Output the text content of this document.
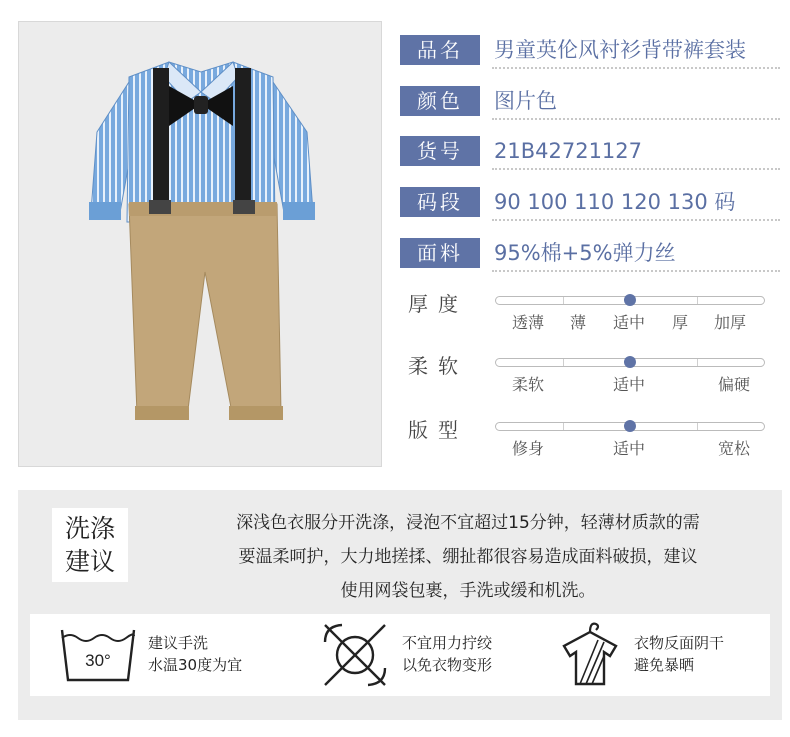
品名	男童英伦风衬衫背带裤套装
颜色	图片色
货号	21B42721127
码段	90 100 110 120 130 码
面料	95%棉+5%弹力丝
厚度
透薄 薄 适中 厚 加厚
柔软
柔软	适中	偏硬
版型
修身	适中	宽松
洗涤
建议
深浅色衣服分开洗涤，浸泡不宜超过15分钟，轻薄材质款的需
要温柔呵护，大力地搓揉、绷扯都很容易造成面料破损，建议
使用网袋包裹，手洗或缓和机洗。
30°
建议手洗
水温30度为宜
不宜用力拧绞
以免衣物变形
衣物反面阴干
避免暴晒
